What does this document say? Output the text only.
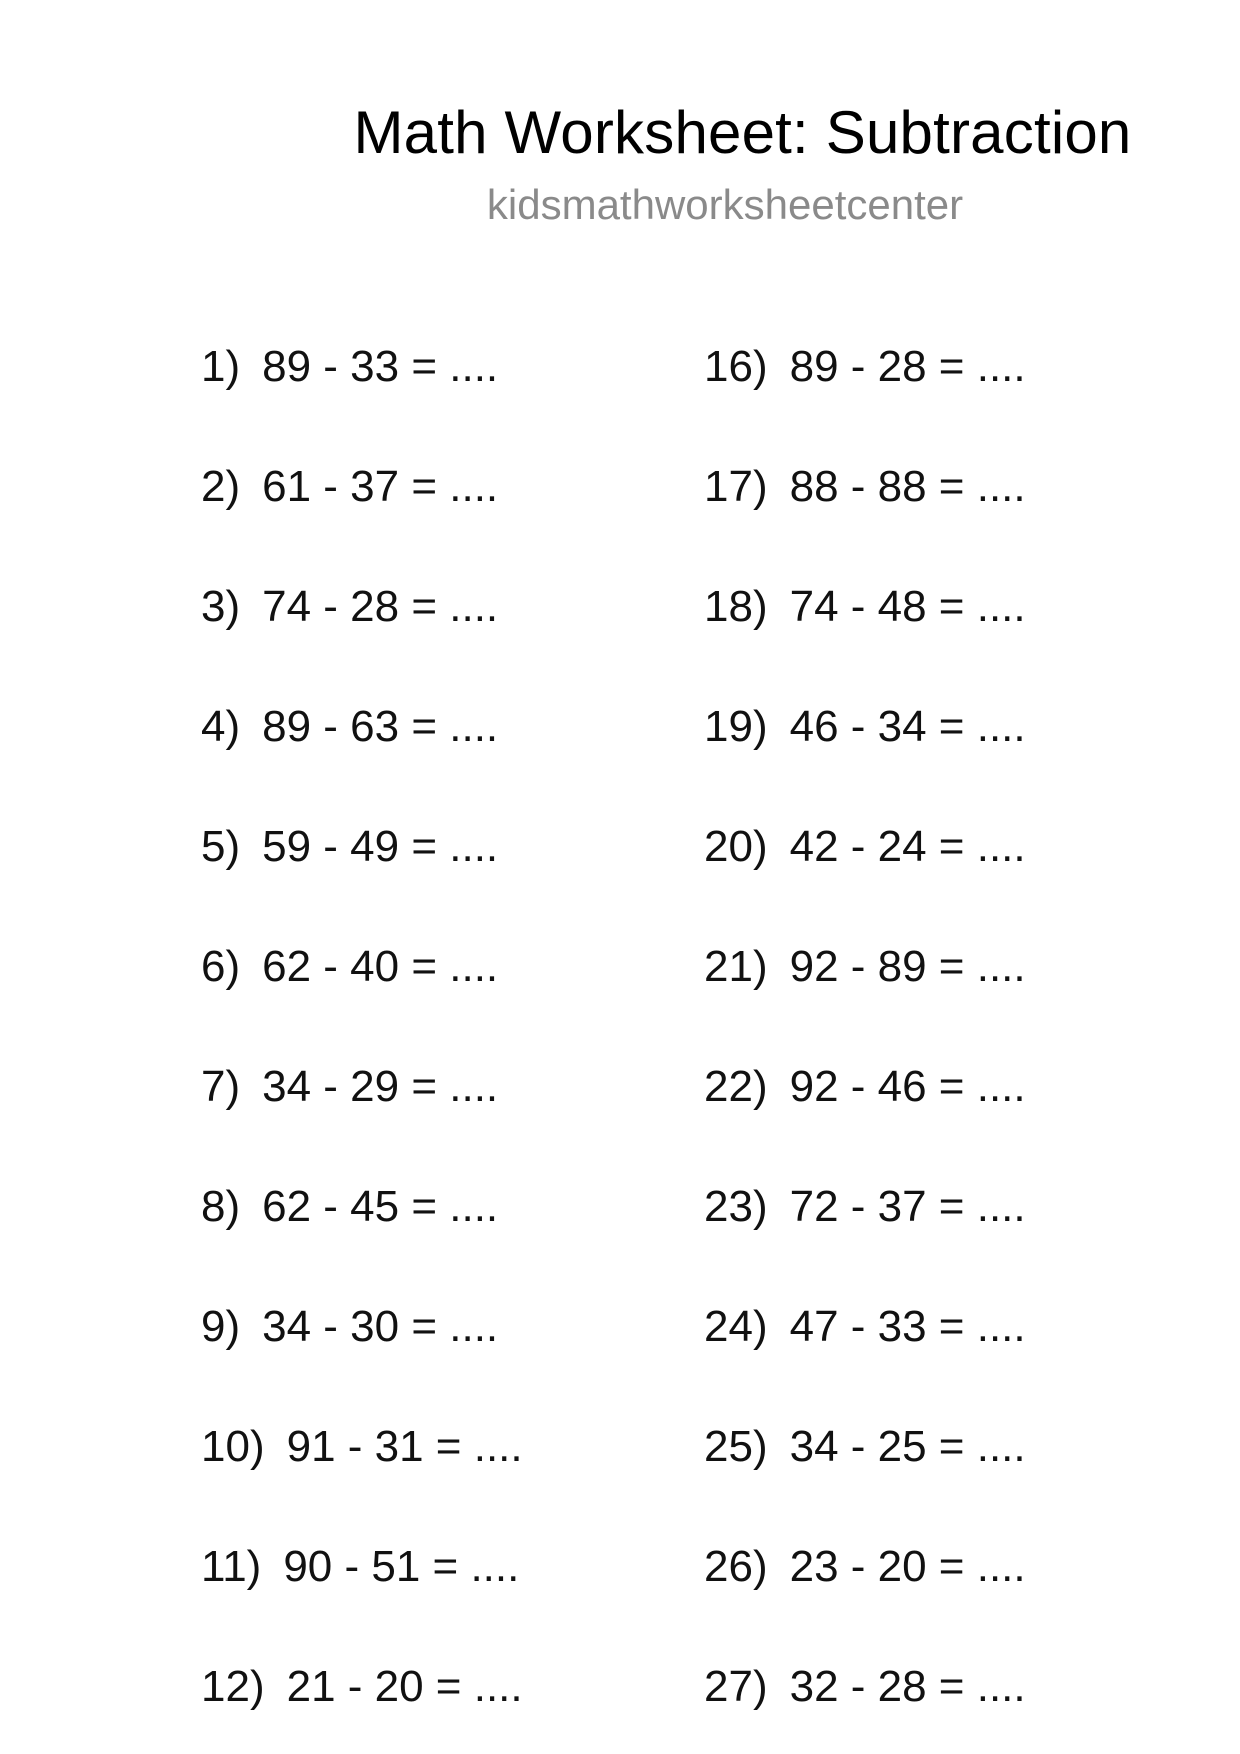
Math Worksheet: Subtraction
kidsmathworksheetcenter
1) 89 - 33 = ....
2) 61 - 37 = ....
3) 74 - 28 = ....
4) 89 - 63 = ....
5) 59 - 49 = ....
6) 62 - 40 = ....
7) 34 - 29 = ....
8) 62 - 45 = ....
9) 34 - 30 = ....
10) 91 - 31 = ....
11) 90 - 51 = ....
12) 21 - 20 = ....
16) 89 - 28 = ....
17) 88 - 88 = ....
18) 74 - 48 = ....
19) 46 - 34 = ....
20) 42 - 24 = ....
21) 92 - 89 = ....
22) 92 - 46 = ....
23) 72 - 37 = ....
24) 47 - 33 = ....
25) 34 - 25 = ....
26) 23 - 20 = ....
27) 32 - 28 = ....
